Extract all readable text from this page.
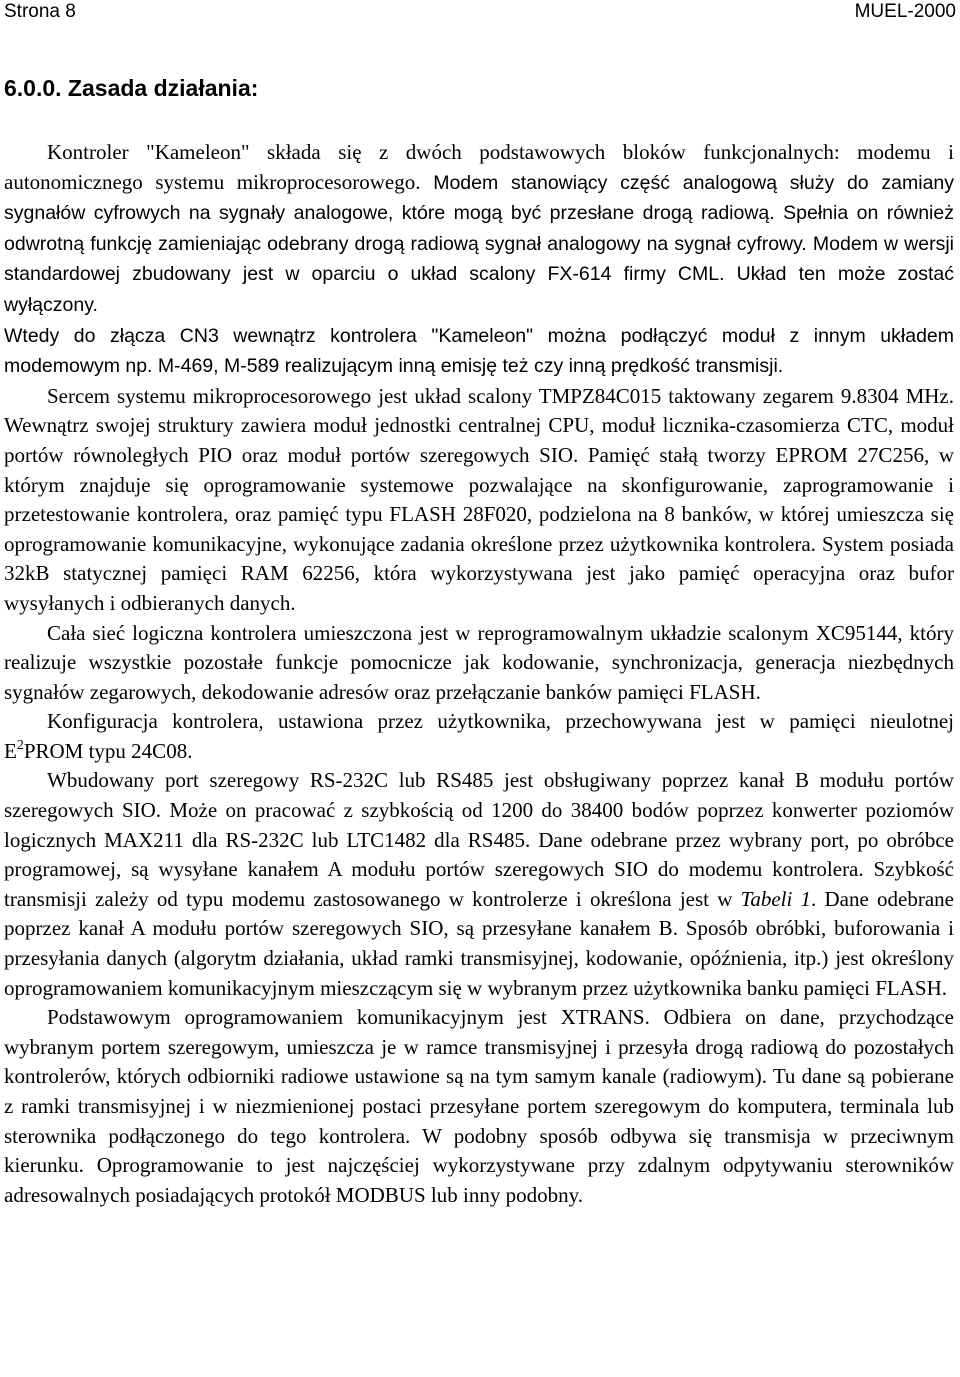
Strona 8	MUEL-2000
6.0.0. Zasada działania:

Kontroler "Kameleon" składa się z dwóch podstawowych bloków funkcjonalnych: modemu i autonomicznego systemu mikroprocesorowego. Modem stanowiący część analogową służy do zamiany sygnałów cyfrowych na sygnały analogowe, które mogą być przesłane drogą radiową. Spełnia on również odwrotną funkcję zamieniając odebrany drogą radiową sygnał analogowy na sygnał cyfrowy. Modem w wersji standardowej zbudowany jest w oparciu o układ scalony FX-614 firmy CML. Układ ten może zostać wyłączony.
Wtedy do złącza CN3 wewnątrz kontrolera "Kameleon" można podłączyć moduł z innym układem modemowym np. M-469, M-589 realizującym inną emisję też czy inną prędkość transmisji.

Sercem systemu mikroprocesorowego jest układ scalony TMPZ84C015 taktowany zegarem 9.8304 MHz. Wewnątrz swojej struktury zawiera moduł jednostki centralnej CPU, moduł licznika-czasomierza CTC, moduł portów równoległych PIO oraz moduł portów szeregowych SIO. Pamięć stałą tworzy EPROM 27C256, w którym znajduje się oprogramowanie systemowe pozwalające na skonfigurowanie, zaprogramowanie i przetestowanie kontrolera, oraz pamięć typu FLASH 28F020, podzielona na 8 banków, w której umieszcza się oprogramowanie komunikacyjne, wykonujące zadania określone przez użytkownika kontrolera. System posiada 32kB statycznej pamięci RAM 62256, która wykorzystywana jest jako pamięć operacyjna oraz bufor wysyłanych i odbieranych danych.

Cała sieć logiczna kontrolera umieszczona jest w reprogramowalnym układzie scalonym XC95144, który realizuje wszystkie pozostałe funkcje pomocnicze jak kodowanie, synchronizacja, generacja niezbędnych sygnałów zegarowych, dekodowanie adresów oraz przełączanie banków pamięci FLASH.

Konfiguracja kontrolera, ustawiona przez użytkownika, przechowywana jest w pamięci nieulotnej $E^2PROM$ typu 24C08.

Wbudowany port szeregowy RS-232C lub RS485 jest obsługiwany poprzez kanał B modułu portów szeregowych SIO. Może on pracować z szybkością od 1200 do 38400 bodów poprzez konwerter poziomów logicznych MAX211 dla RS-232C lub LTC1482 dla RS485. Dane odebrane przez wybrany port, po obróbce programowej, są wysyłane kanałem A modułu portów szeregowych SIO do modemu kontrolera. Szybkość transmisji zależy od typu modemu zastosowanego w kontrolerze i określona jest w Tabeli 1. Dane odebrane poprzez kanał A modułu portów szeregowych SIO, są przesyłane kanałem B. Sposób obróbki, buforowania i przesyłania danych (algorytm działania, układ ramki transmisyjnej, kodowanie, opóźnienia, itp.) jest określony oprogramowaniem komunikacyjnym mieszczącym się w wybranym przez użytkownika banku pamięci FLASH.

Podstawowym oprogramowaniem komunikacyjnym jest XTRANS. Odbiera on dane, przychodzące wybranym portem szeregowym, umieszcza je w ramce transmisyjnej i przesyła drogą radiową do pozostałych kontrolerów, których odbiorniki radiowe ustawione są na tym samym kanale (radiowym). Tu dane są pobierane z ramki transmisyjnej i w niezmienionej postaci przesyłane portem szeregowym do komputera, terminala lub sterownika podłączonego do tego kontrolera. W podobny sposób odbywa się transmisja w przeciwnym kierunku. Oprogramowanie to jest najczęściej wykorzystywane przy zdalnym odpytywaniu sterowników adresowalnych posiadających protokół MODBUS lub inny podobny.
